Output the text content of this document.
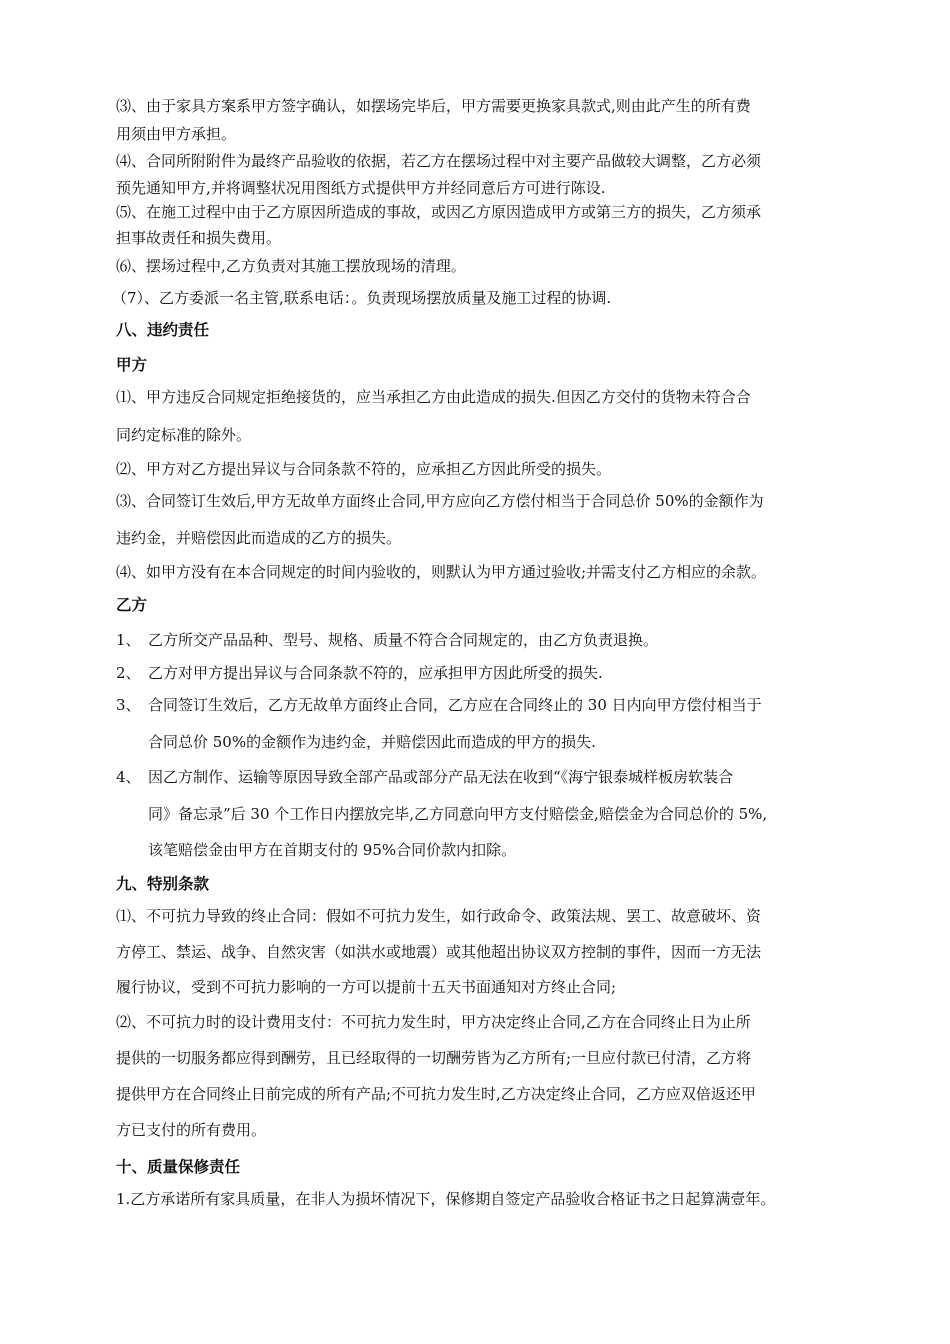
⑶、由于家具方案系甲方签字确认，如摆场完毕后，甲方需要更换家具款式,则由此产生的所有费
用须由甲方承担。
⑷、合同所附附件为最终产品验收的依据，若乙方在摆场过程中对主要产品做较大调整，乙方必须
预先通知甲方,并将调整状况用图纸方式提供甲方并经同意后方可进行陈设.
⑸、在施工过程中由于乙方原因所造成的事故，或因乙方原因造成甲方或第三方的损失，乙方须承
担事故责任和损失费用。
⑹、摆场过程中,乙方负责对其施工摆放现场的清理。
（7）、乙方委派一名主管,联系电话：。负责现场摆放质量及施工过程的协调.
八、违约责任
甲方
⑴、甲方违反合同规定拒绝接货的，应当承担乙方由此造成的损失.但因乙方交付的货物未符合合
同约定标准的除外。
⑵、甲方对乙方提出异议与合同条款不符的，应承担乙方因此所受的损失。
⑶、合同签订生效后,甲方无故单方面终止合同,甲方应向乙方偿付相当于合同总价 50%的金额作为
违约金，并赔偿因此而造成的乙方的损失。
⑷、如甲方没有在本合同规定的时间内验收的，则默认为甲方通过验收;并需支付乙方相应的余款。
乙方
1、 乙方所交产品品种、型号、规格、质量不符合合同规定的，由乙方负责退换。
2、 乙方对甲方提出异议与合同条款不符的，应承担甲方因此所受的损失.
3、 合同签订生效后，乙方无故单方面终止合同，乙方应在合同终止的 30 日内向甲方偿付相当于
合同总价 50%的金额作为违约金，并赔偿因此而造成的甲方的损失.
4、 因乙方制作、运输等原因导致全部产品或部分产品无法在收到“《海宁银泰城样板房软装合
同》备忘录”后 30 个工作日内摆放完毕,乙方同意向甲方支付赔偿金,赔偿金为合同总价的 5%,
该笔赔偿金由甲方在首期支付的 95%合同价款内扣除。
九、特别条款
⑴、不可抗力导致的终止合同：假如不可抗力发生，如行政命令、政策法规、罢工、故意破坏、资
方停工、禁运、战争、自然灾害（如洪水或地震）或其他超出协议双方控制的事件，因而一方无法
履行协议，受到不可抗力影响的一方可以提前十五天书面通知对方终止合同;
⑵、不可抗力时的设计费用支付：不可抗力发生时，甲方决定终止合同,乙方在合同终止日为止所
提供的一切服务都应得到酬劳，且已经取得的一切酬劳皆为乙方所有;一旦应付款已付清，乙方将
提供甲方在合同终止日前完成的所有产品;不可抗力发生时,乙方决定终止合同，乙方应双倍返还甲
方已支付的所有费用。
十、质量保修责任
1.乙方承诺所有家具质量，在非人为损坏情况下，保修期自签定产品验收合格证书之日起算满壹年。
